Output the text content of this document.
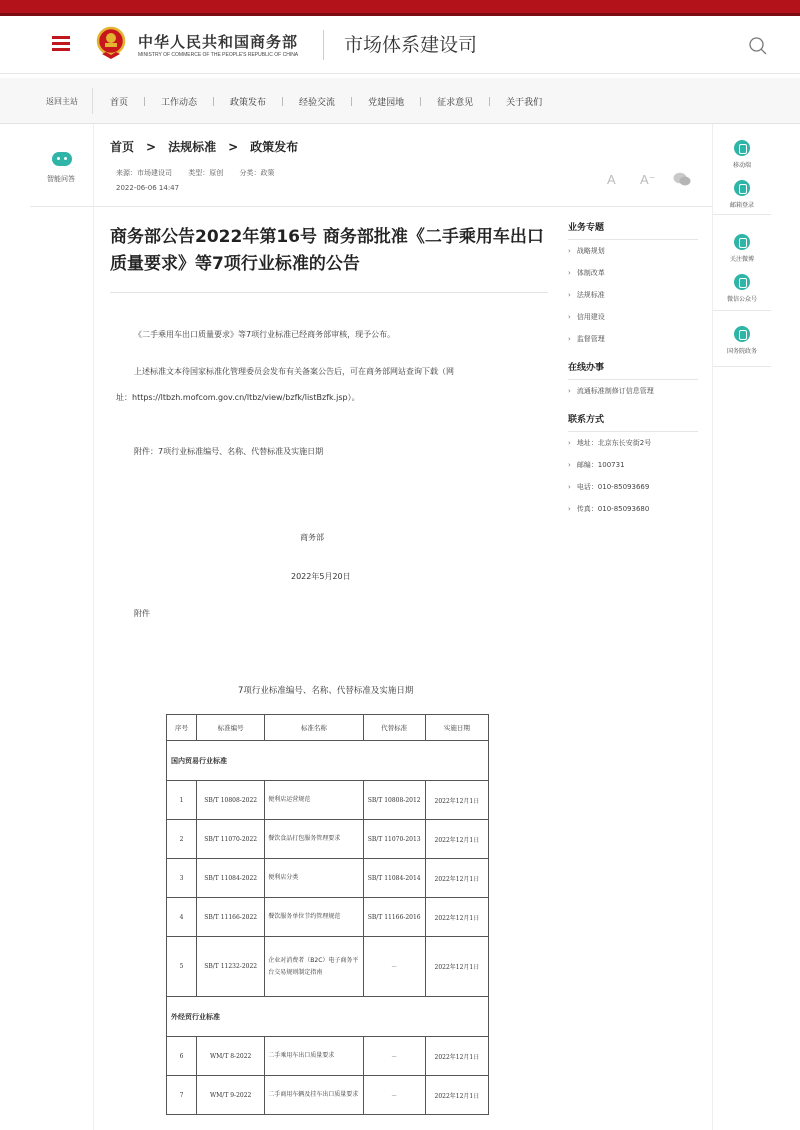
中华人民共和国商务部
MINISTRY OF COMMERCE OF THE PEOPLE'S REPUBLIC OF CHINA 市场体系建设司
返回主站	首页	工作动态	政策发布	经验交流	党建园地	征求意见	关于我们
智能问答
移动端
邮箱登录
关注微博
微信公众号
国务院政务
首页 > 法规标准 > 政策发布
来源：市场建设司 类型：原创 分类：政策
2022-06-06 14:47
A A⁻
商务部公告2022年第16号 商务部批准《二手乘用车出口质量要求》等7项行业标准的公告
《二手乘用车出口质量要求》等7项行业标准已经商务部审核，现予公布。
上述标准文本待国家标准化管理委员会发布有关备案公告后，可在商务部网站查询下载（网
址：https://ltbzh.mofcom.gov.cn/ltbz/view/bzfk/listBzfk.jsp）。
附件：7项行业标准编号、名称、代替标准及实施日期
商务部
2022年5月20日
附件
业务专题
› 战略规划
› 体制改革
› 法规标准
› 信用建设
› 监督管理
在线办事
› 流通标准制修订信息管理
联系方式
› 地址：北京东长安街2号
› 邮编：100731
› 电话：010-85093669
› 传真：010-85093680
7项行业标准编号、名称、代替标准及实施日期
序号	标准编号	标准名称	代替标准	实施日期
国内贸易行业标准				
1	SB/T 10808-2022	便利店运营规范	SB/T 10808-2012	2022年12月1日
2	SB/T 11070-2022	餐饮食品打包服务管理要求	SB/T 11070-2013	2022年12月1日
3	SB/T 11084-2022	便利店分类	SB/T 11084-2014	2022年12月1日
4	SB/T 11166-2022	餐饮服务单位节约管理规范	SB/T 11166-2016	2022年12月1日
5	SB/T 11232-2022	企业对消费者（B2C）电子商务平台交易规则制定指南	－	2022年12月1日
外经贸行业标准				
6	WM/T 8-2022	二手乘用车出口质量要求	－	2022年12月1日
7	WM/T 9-2022	二手商用车辆及挂车出口质量要求	－	2022年12月1日
